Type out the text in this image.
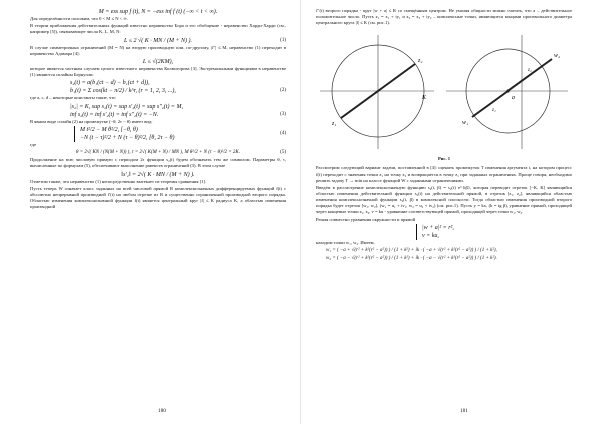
M = ess sup f (t), N = −ess inf f (t) (−∞ < t < ∞).

Для определённости положим, что 0 < M ≤ N < ∞.

В теории приближения действительных функций известно неравенство Бора и его обобщение - неравенство Харди-Харди (см., например [5]), связывающее числа K, L, M, N:

L ≤ 2 √( K · MN / (M + N) ).	(1)

В случае симметричных ограничений (M = N) на вторую производную или, по-другому, |f″| ≤ M, неравенство (1) переходит в неравенство Адамара [4]:

L ≤ √(2KM),

которое является частным случаем целого известного неравенства Колмогорова [3]. Экстремальными функциями в неравенстве (1) являются сплайны Бернулли:

s₂(t) = a(b₁(ct − d) − b₁(ct + d)),
b₁(t) = Σ cos(kt − π/2) / k^r, (r = 1, 2, 3, ...),	(2)

где a, c, d – некоторые константы такие, что

|s₂| = K, sup s₂(t) = sup s′₂(t) = sup s″₂(t) = M,
inf s₂(t) = inf s′₂(t) = inf s″₂(t) = −N.	(3)

В явном виде сплайн (2) на промежутке (−θ, 2τ − θ) имеет вид:

M t²/2 − M θ²/2, [−θ, θ)
−N (t − τ)²/2 + N (τ − θ)²/2, [θ, 2τ − θ)
(4)

где

θ = 2√( KN / (N(M + N)) ), τ = 2√( K(M + N) / MN ), M θ²/2 + N (τ − θ)²/2 = 2K.	(5)

Продолжение на всю числовую прямую с периодом 2τ функции s₂(t) будем обозначать тем же символом. Параметры θ, τ, вычисленные по формулам (5), обеспечивают выполнение равенств ограничений (3). В этом случае

‖s′₂‖ = 2√( K · MN / (M + N) ).

Отметим также, что неравенство (1) непосредственно вытекает из теоремы сравнения [1].

Пусть теперь W означает класс заданных на всей числовой прямой R комплекснозначных дифференцируемых функций f(t) с абсолютно непрерывной производной f′(t) на любом отрезке из R и существенно ограниченной производной второго порядка. Областью изменения комплекснозначной функции f(t) является центральный круг |f| ≤ K радиуса K, а областью изменения производной

180

f″(t) второго порядка - круг |w + a| ≤ R со смещённым центром. Не умаляя общности можно считать, что a – действительное положительное число. Пусть z₁ = x₁ + iy₁ и z₂ = x₂ + iy₂ – комплексные точки, являющиеся концами произвольного диаметра центрального круга |f| ≤ K (см. рис.1).

z₂
z₁
K
w₂
w₁
a
z₂
z₁
Рис. 1

Рассмотрим следующий вариант задачи, поставленной в [4]: оценить промежуток T изменения аргумента t, на котором процесс f(t) переходит с значения точки z₁ на точку z₂ и возвращается в точку z₁ при заданных ограничениях. Проще говоря, необходимо решить задачу T → min на классе функций W с заданными ограничениями.

Введём в рассмотрение комплекснозначную функцию s₂(t, β) = s₂(t) e^{iβ}, которая переводит отрезок [−K, K] являющийся областью изменения действительной функции s₂(t) на действительной прямой, в отрезок [z₁, z₂], являющийся областью изменения комплекснозначной функции s₂(t, β) в комплексной плоскости. Тогда областью изменения производной второго порядка будет отрезок [w₁, w₂], (w₁ = u₁ + iv₁, w₂ = u₂ + iv₂) (см. рис.1). Пусть y = kx, (k = tg β), уравнение прямой, проходящей через концевые точки z₁, z₂, v = ku - уравнение соответствующей прямой, проходящей через точки w₁, w₂.

Решая совместно уравнения окружности и прямой

|w + a|² = r²,
v = ku,

находим точки w₁, w₂. Имеем,

w₁ = ( −a + √(r² + k²(r² − a²)) ) / (1 + k²) + ik · ( −a + √(r² + k²(r² − a²)) ) / (1 + k²),
w₂ = ( −a − √(r² + k²(r² − a²)) ) / (1 + k²) + ik · ( −a − √(r² + k²(r² − a²)) ) / (1 + k²).
181
